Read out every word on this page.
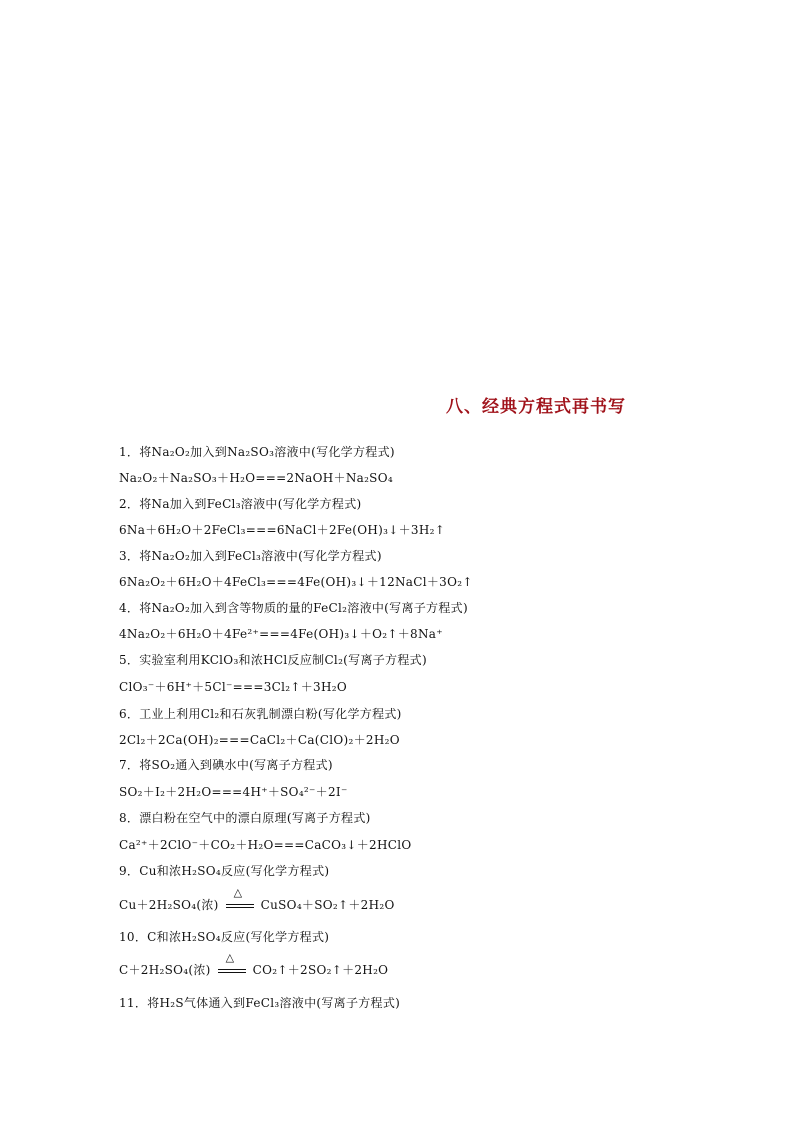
八、经典方程式再书写
1．将Na₂O₂加入到Na₂SO₃溶液中(写化学方程式)
Na₂O₂＋Na₂SO₃＋H₂O===2NaOH＋Na₂SO₄
2．将Na加入到FeCl₃溶液中(写化学方程式)
6Na＋6H₂O＋2FeCl₃===6NaCl＋2Fe(OH)₃↓＋3H₂↑
3．将Na₂O₂加入到FeCl₃溶液中(写化学方程式)
6Na₂O₂＋6H₂O＋4FeCl₃===4Fe(OH)₃↓＋12NaCl＋3O₂↑
4．将Na₂O₂加入到含等物质的量的FeCl₂溶液中(写离子方程式)
4Na₂O₂＋6H₂O＋4Fe²⁺===4Fe(OH)₃↓＋O₂↑＋8Na⁺
5．实验室利用KClO₃和浓HCl反应制Cl₂(写离子方程式)
ClO₃⁻＋6H⁺＋5Cl⁻===3Cl₂↑＋3H₂O
6．工业上利用Cl₂和石灰乳制漂白粉(写化学方程式)
2Cl₂＋2Ca(OH)₂===CaCl₂＋Ca(ClO)₂＋2H₂O
7．将SO₂通入到碘水中(写离子方程式)
SO₂＋I₂＋2H₂O===4H⁺＋SO₄²⁻＋2I⁻
8．漂白粉在空气中的漂白原理(写离子方程式)
Ca²⁺＋2ClO⁻＋CO₂＋H₂O===CaCO₃↓＋2HClO
9．Cu和浓H₂SO₄反应(写化学方程式)
Cu＋2H₂SO₄(浓)
△
CuSO₄＋SO₂↑＋2H₂O
10．C和浓H₂SO₄反应(写化学方程式)
C＋2H₂SO₄(浓)
△
CO₂↑＋2SO₂↑＋2H₂O
11．将H₂S气体通入到FeCl₃溶液中(写离子方程式)
